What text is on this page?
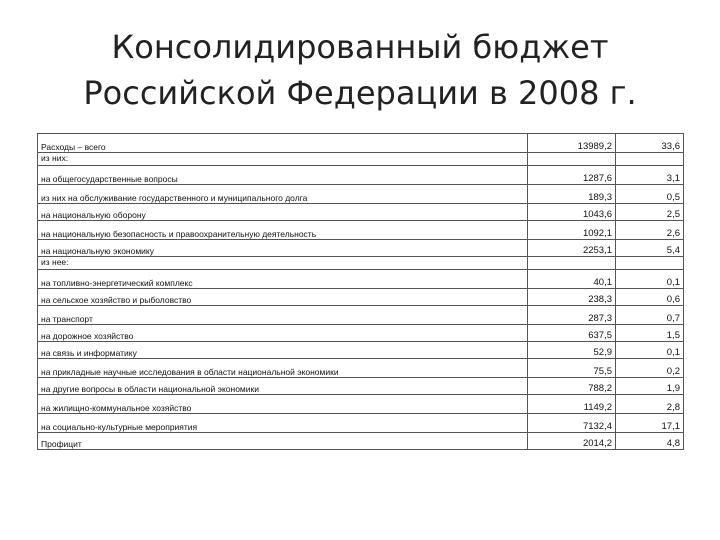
Консолидированный бюджет
Российской Федерации в 2008 г.
Расходы – всего	13989,2	33,6
из них:		
на общегосударственные вопросы	1287,6	3,1
из них на обслуживание государственного и муниципального долга	189,3	0,5
на национальную оборону	1043,6	2,5
на национальную безопасность и правоохранительную деятельность	1092,1	2,6
на национальную экономику	2253,1	5,4
из нее:		
на топливно-энергетический комплекс	40,1	0,1
на сельское хозяйство и рыболовство	238,3	0,6
на транспорт	287,3	0,7
на дорожное хозяйство	637,5	1,5
на связь и информатику	52,9	0,1
на прикладные научные исследования в области национальной экономики	75,5	0,2
на другие вопросы в области национальной экономики	788,2	1,9
на жилищно-коммунальное хозяйство	1149,2	2,8
на социально-культурные мероприятия	7132,4	17,1
Профицит	2014,2	4,8
